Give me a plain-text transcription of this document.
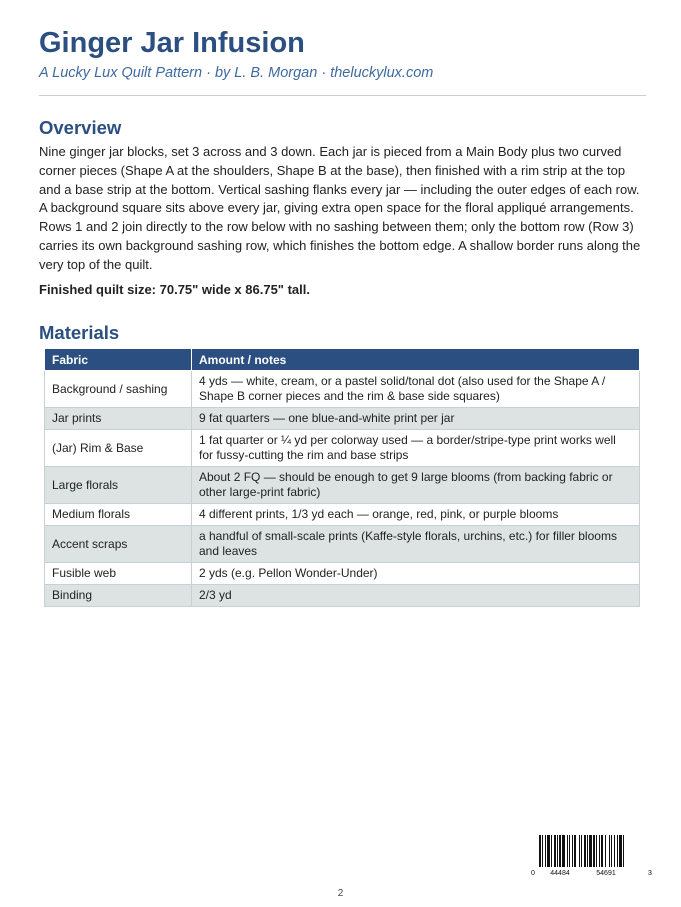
Ginger Jar Infusion
A Lucky Lux Quilt Pattern · by L. B. Morgan · theluckylux.com
Overview
Nine ginger jar blocks, set 3 across and 3 down. Each jar is pieced from a Main Body plus two curved corner pieces (Shape A at the shoulders, Shape B at the base), then finished with a rim strip at the top and a base strip at the bottom. Vertical sashing flanks every jar — including the outer edges of each row. A background square sits above every jar, giving extra open space for the floral appliqué arrangements. Rows 1 and 2 join directly to the row below with no sashing between them; only the bottom row (Row 3) carries its own background sashing row, which finishes the bottom edge. A shallow border runs along the very top of the quilt.
Finished quilt size: 70.75" wide x 86.75" tall.
Materials
Fabric	Amount / notes
Background / sashing	4 yds — white, cream, or a pastel solid/tonal dot (also used for the Shape A / Shape B corner pieces and the rim & base side squares)
Jar prints	9 fat quarters — one blue-and-white print per jar
(Jar) Rim & Base	1 fat quarter or ¼ yd per colorway used — a border/stripe-type print works well for fussy-cutting the rim and base strips
Large florals	About 2 FQ — should be enough to get 9 large blooms (from backing fabric or other large-print fabric)
Medium florals	4 different prints, 1/3 yd each — orange, red, pink, or purple blooms
Accent scraps	a handful of small-scale prints (Kaffe-style florals, urchins, etc.) for filler blooms and leaves
Fusible web	2 yds (e.g. Pellon Wonder-Under)
Binding	2/3 yd
0 44484	54691	3
2
